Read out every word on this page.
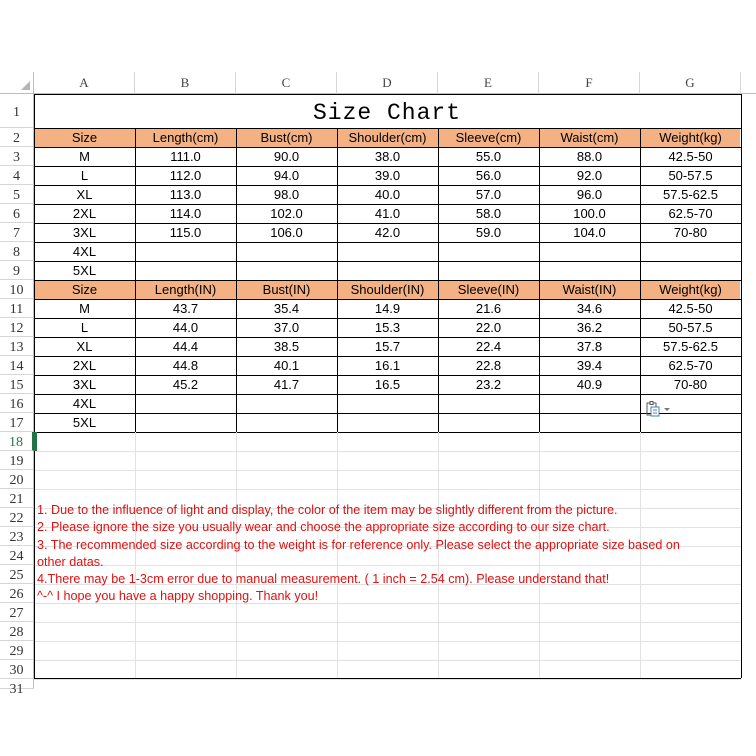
A	B	C	D	E	F	G
1
2
3
4
5
6
7
8
9
10
11
12
13
14
15
16
17
18
19
20
21
22
23
24
25
26
27
28
29
30
31
Size Chart
Size	Length(cm)	Bust(cm)	Shoulder(cm)	Sleeve(cm)	Waist(cm)	Weight(kg)
M	111.0	90.0	38.0	55.0	88.0	42.5-50
L	112.0	94.0	39.0	56.0	92.0	50-57.5
XL	113.0	98.0	40.0	57.0	96.0	57.5-62.5
2XL	114.0	102.0	41.0	58.0	100.0	62.5-70
3XL	115.0	106.0	42.0	59.0	104.0	70-80
4XL
5XL
Size	Length(IN)	Bust(IN)	Shoulder(IN)	Sleeve(IN)	Waist(IN)	Weight(kg)
M	43.7	35.4	14.9	21.6	34.6	42.5-50
L	44.0	37.0	15.3	22.0	36.2	50-57.5
XL	44.4	38.5	15.7	22.4	37.8	57.5-62.5
2XL	44.8	40.1	16.1	22.8	39.4	62.5-70
3XL	45.2	41.7	16.5	23.2	40.9	70-80
4XL
5XL
1. Due to the influence of light and display, the color of the item may be slightly different from the picture.
2. Please ignore the size you usually wear and choose the appropriate size according to our size chart.
3. The recommended size according to the weight is for reference only. Please select the appropriate size based on
other datas.
4.There may be 1-3cm error due to manual measurement. ( 1 inch = 2.54 cm). Please understand that!
^-^ I hope you have a happy shopping. Thank you!
